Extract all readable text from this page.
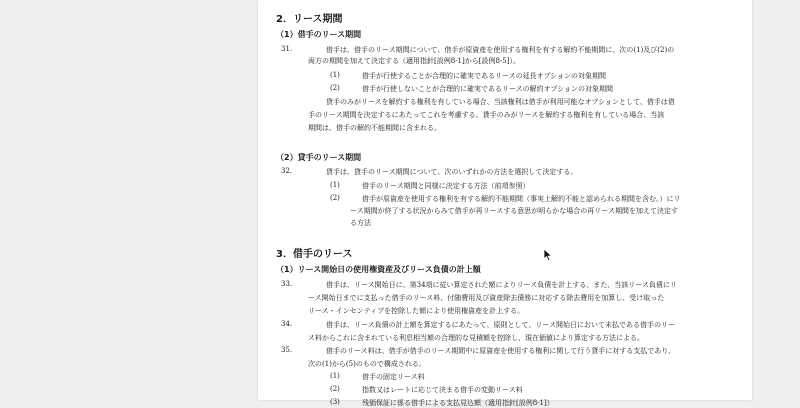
2．リース期間
（1）借手のリース期間
31.	借手は、借手のリース期間について、借手が原資産を使用する権利を有する解約不能期間に、次の(1)及び(2)の
両方の期間を加えて決定する（適用指針[設例8-1]から[設例8-5]）。
(1)	借手が行使することが合理的に確実であるリースの延長オプションの対象期間
(2)	借手が行使しないことが合理的に確実であるリースの解約オプションの対象期間
貸手のみがリースを解約する権利を有している場合、当該権利は借手が利用可能なオプションとして、借手は借
手のリース期間を決定するにあたってこれを考慮する。貸手のみがリースを解約する権利を有している場合、当該
期間は、借手の解約不能期間に含まれる。
（2）貸手のリース期間
32.	貸手は、貸手のリース期間について、次のいずれかの方法を選択して決定する。
(1)	借手のリース期間と同様に決定する方法（前項参照）
(2)	借手が原資産を使用する権利を有する解約不能期間（事実上解約不能と認められる期間を含む。）にリ
ース期間が終了する状況からみて借手が再リースする意思が明らかな場合の再リース期間を加えて決定す
る方法
3．借手のリース
（1）リース開始日の使用権資産及びリース負債の計上額
33.	借手は、リース開始日に、第34項に従い算定された額によりリース負債を計上する。また、当該リース負債にリ
ース開始日までに支払った借手のリース料、付随費用及び資産除去債務に対応する除去費用を加算し、受け取った
リース・インセンティブを控除した額により使用権資産を計上する。
34.	借手は、リース負債の計上額を算定するにあたって、原則として、リース開始日において未払である借手のリー
ス料からこれに含まれている利息相当額の合理的な見積額を控除し、現在価値により算定する方法による。
35.	借手のリース料は、借手が借手のリース期間中に原資産を使用する権利に関して行う貸手に対する支払であり、
次の(1)から(5)のもので構成される。
(1)	借手の固定リース料
(2)	指数又はレートに応じて決まる借手の変動リース料
(3)	残価保証に係る借手による支払見込額（適用指針[設例8-1]）
